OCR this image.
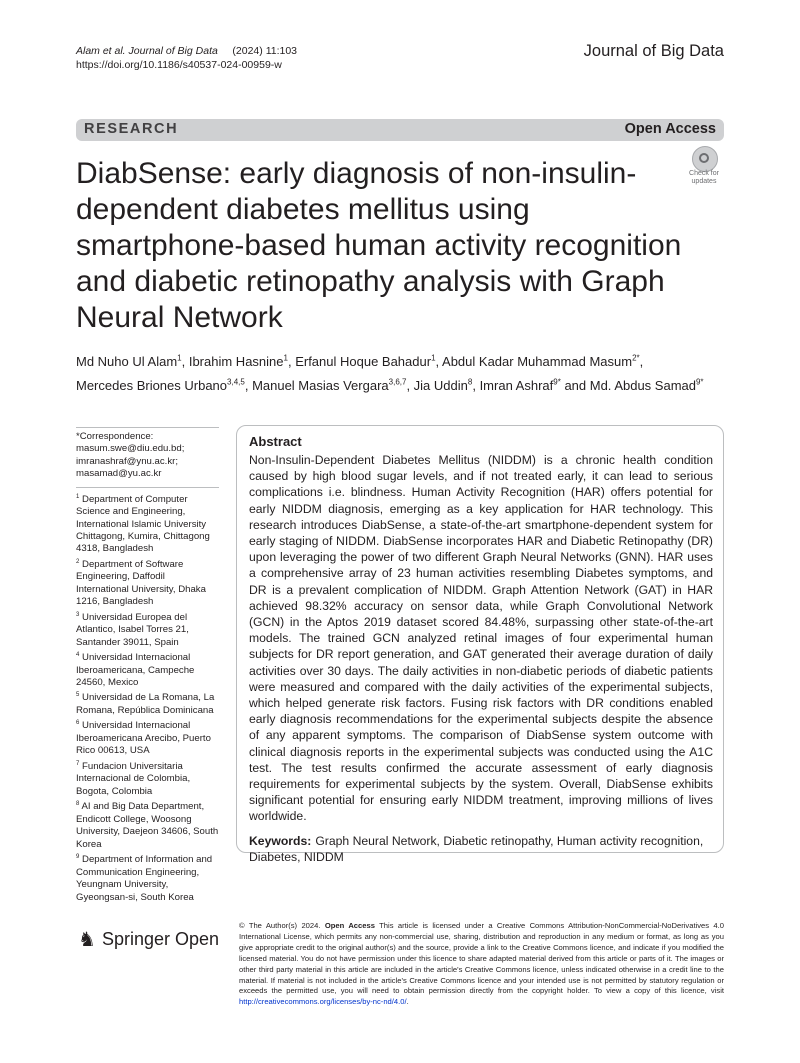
Alam et al. Journal of Big Data (2024) 11:103
https://doi.org/10.1186/s40537-024-00959-w
Journal of Big Data
RESEARCH	Open Access
Check for updates
DiabSense: early diagnosis of non-insulin-dependent diabetes mellitus using smartphone-based human activity recognition and diabetic retinopathy analysis with Graph Neural Network
Md Nuho Ul Alam$^1$, Ibrahim Hasnine$^1$, Erfanul Hoque Bahadur$^1$, Abdul Kadar Muhammad Masum$^{2*}$,
Mercedes Briones Urbano$^{3,4,5}$, Manuel Masias Vergara$^{3,6,7}$, Jia Uddin$^8$, Imran Ashraf$^{9*}$ and Md. Abdus Samad$^{9*}$
*Correspondence:
masum.swe@diu.edu.bd; imranashraf@ynu.ac.kr; masamad@yu.ac.kr
$^1$ Department of Computer Science and Engineering, International Islamic University Chittagong, Kumira, Chittagong 4318, Bangladesh
$^2$ Department of Software Engineering, Daffodil International University, Dhaka 1216, Bangladesh
$^3$ Universidad Europea del Atlantico, Isabel Torres 21, Santander 39011, Spain
$^4$ Universidad Internacional Iberoamericana, Campeche 24560, Mexico
$^5$ Universidad de La Romana, La Romana, República Dominicana
$^6$ Universidad Internacional Iberoamericana Arecibo, Puerto Rico 00613, USA
$^7$ Fundacion Universitaria Internacional de Colombia, Bogota, Colombia
$^8$ AI and Big Data Department, Endicott College, Woosong University, Daejeon 34606, South Korea
$^9$ Department of Information and Communication Engineering, Yeungnam University, Gyeongsan-si, South Korea
Abstract
Non-Insulin-Dependent Diabetes Mellitus (NIDDM) is a chronic health condition caused by high blood sugar levels, and if not treated early, it can lead to serious complications i.e. blindness. Human Activity Recognition (HAR) offers potential for early NIDDM diagnosis, emerging as a key application for HAR technology. This research introduces DiabSense, a state-of-the-art smartphone-dependent system for early staging of NIDDM. DiabSense incorporates HAR and Diabetic Retinopathy (DR) upon leveraging the power of two different Graph Neural Networks (GNN). HAR uses a comprehensive array of 23 human activities resembling Diabetes symptoms, and DR is a prevalent complication of NIDDM. Graph Attention Network (GAT) in HAR achieved 98.32% accuracy on sensor data, while Graph Convolutional Network (GCN) in the Aptos 2019 dataset scored 84.48%, surpassing other state-of-the-art models. The trained GCN analyzed retinal images of four experimental human subjects for DR report generation, and GAT generated their average duration of daily activities over 30 days. The daily activities in non-diabetic periods of diabetic patients were measured and compared with the daily activities of the experimental subjects, which helped generate risk factors. Fusing risk factors with DR conditions enabled early diagnosis recommendations for the experimental subjects despite the absence of any apparent symptoms. The comparison of DiabSense system outcome with clinical diagnosis reports in the experimental subjects was conducted using the A1C test. The test results confirmed the accurate assessment of early diagnosis requirements for experimental subjects by the system. Overall, DiabSense exhibits significant potential for ensuring early NIDDM treatment, improving millions of lives worldwide.
Keywords: Graph Neural Network, Diabetic retinopathy, Human activity recognition, Diabetes, NIDDM
♞ Springer Open
© The Author(s) 2024. Open Access This article is licensed under a Creative Commons Attribution-NonCommercial-NoDerivatives 4.0 International License, which permits any non-commercial use, sharing, distribution and reproduction in any medium or format, as long as you give appropriate credit to the original author(s) and the source, provide a link to the Creative Commons licence, and indicate if you modified the licensed material. You do not have permission under this licence to share adapted material derived from this article or parts of it. The images or other third party material in this article are included in the article's Creative Commons licence, unless indicated otherwise in a credit line to the material. If material is not included in the article's Creative Commons licence and your intended use is not permitted by statutory regulation or exceeds the permitted use, you will need to obtain permission directly from the copyright holder. To view a copy of this licence, visit http://creativecommons.org/licenses/by-nc-nd/4.0/.
